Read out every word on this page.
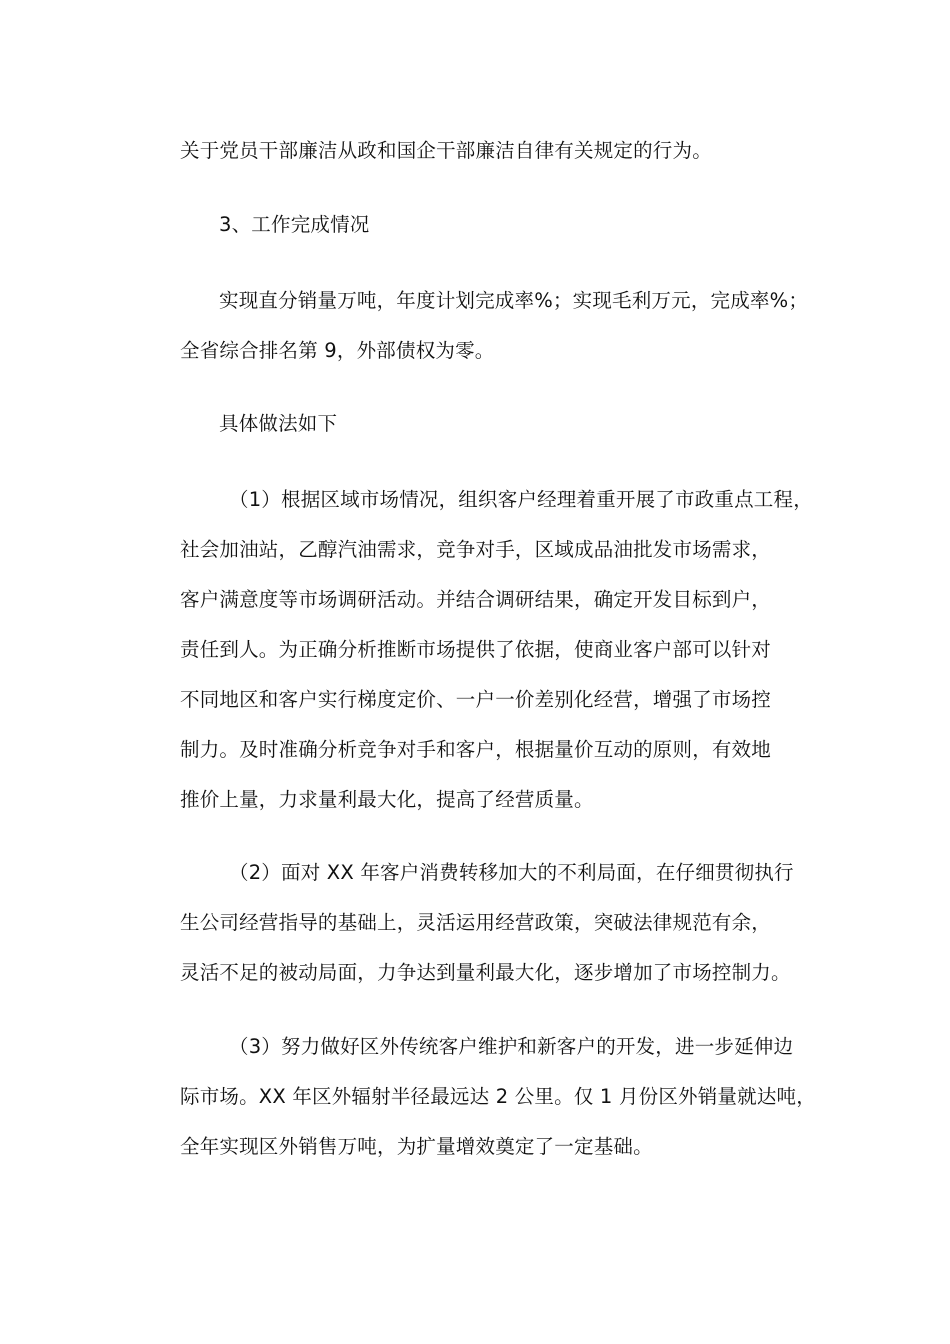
关于党员干部廉洁从政和国企干部廉洁自律有关规定的行为。
3、工作完成情况
实现直分销量万吨，年度计划完成率%；实现毛利万元，完成率%；
全省综合排名第 9，外部债权为零。
具体做法如下
（1）根据区域市场情况，组织客户经理着重开展了市政重点工程，
社会加油站，乙醇汽油需求，竞争对手，区域成品油批发市场需求，
客户满意度等市场调研活动。并结合调研结果，确定开发目标到户，
责任到人。为正确分析推断市场提供了依据，使商业客户部可以针对
不同地区和客户实行梯度定价、一户一价差别化经营，增强了市场控
制力。及时准确分析竞争对手和客户，根据量价互动的原则，有效地
推价上量，力求量利最大化，提高了经营质量。
（2）面对 XX 年客户消费转移加大的不利局面，在仔细贯彻执行
生公司经营指导的基础上，灵活运用经营政策，突破法律规范有余，
灵活不足的被动局面，力争达到量利最大化，逐步增加了市场控制力。
（3）努力做好区外传统客户维护和新客户的开发，进一步延伸边
际市场。XX 年区外辐射半径最远达 2 公里。仅 1 月份区外销量就达吨，
全年实现区外销售万吨，为扩量增效奠定了一定基础。
